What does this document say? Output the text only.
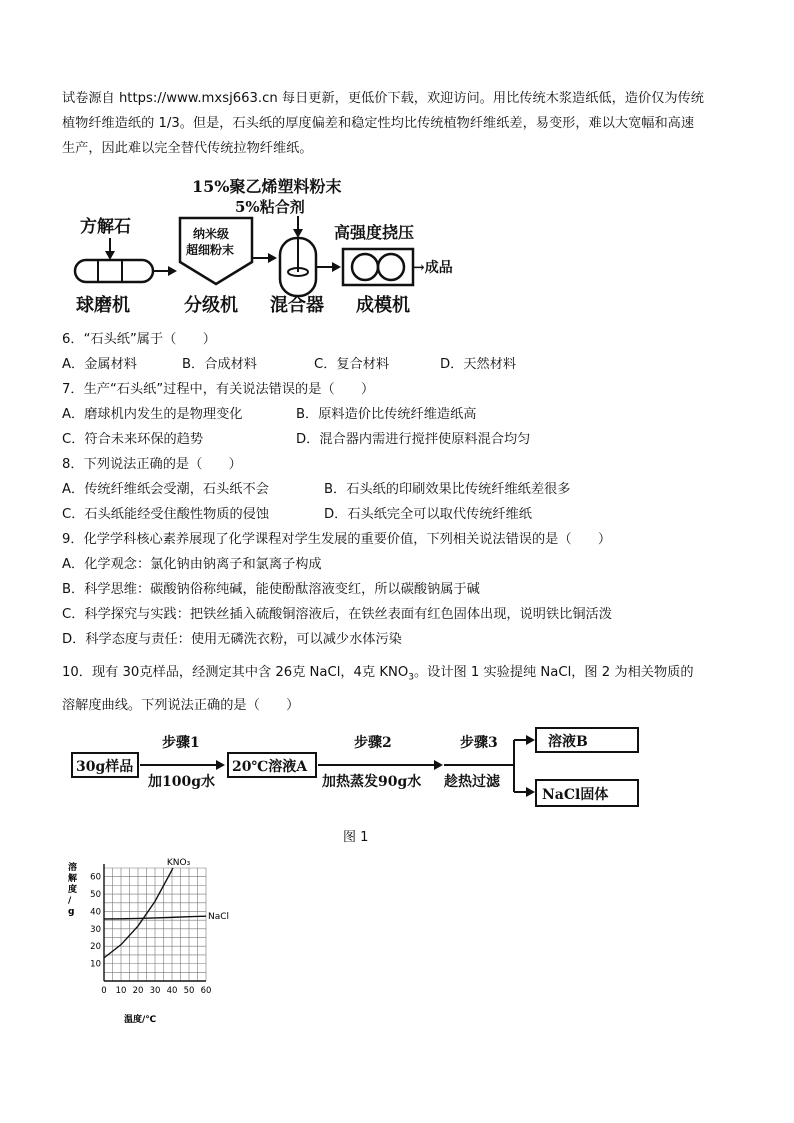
试卷源自 https://www.mxsj663.cn 每日更新，更低价下载，欢迎访问。用比传统木浆造纸低，造价仅为传统
植物纤维造纸的 1/3。但是，石头纸的厚度偏差和稳定性均比传统植物纤维纸差，易变形，难以大宽幅和高速
生产，因此难以完全替代传统拉物纤维纸。
15%聚乙烯塑料粉末
5%粘合剂
方解石	纳米级
超细粉末
高强度挠压
→成品
球磨机	分级机 混合器 成模机
6．“石头纸”属于（　　）
A．金属材料	B．合成材料	C．复合材料	D．天然材料
7．生产“石头纸”过程中，有关说法错误的是（　　）
A．磨球机内发生的是物理变化	B．原料造价比传统纤维造纸高
C．符合未来环保的趋势	D．混合器内需进行搅拌使原料混合均匀
8．下列说法正确的是（　　）
A．传统纤维纸会受潮，石头纸不会	B．石头纸的印刷效果比传统纤维纸差很多
C．石头纸能经受住酸性物质的侵蚀	D．石头纸完全可以取代传统纤维纸
9．化学学科核心素养展现了化学课程对学生发展的重要价值，下列相关说法错误的是（　　）
A．化学观念：氯化钠由钠离子和氯离子构成
B．科学思维：碳酸钠俗称纯碱，能使酚酞溶液变红，所以碳酸钠属于碱
C．科学探究与实践：把铁丝插入硫酸铜溶液后，在铁丝表面有红色固体出现，说明铁比铜活泼
D．科学态度与责任：使用无磷洗衣粉，可以减少水体污染
10．现有 30克样品，经测定其中含 26克 NaCl，4克 $KNO_3$。设计图 1 实验提纯 NaCl，图 2 为相关物质的
溶解度曲线。下列说法正确的是（　　）
30g样品
步骤1
加100g水
20℃溶液A
步骤2
加热蒸发90g水
步骤3
趁热过滤
溶液B
NaCl固体
图 1
溶
解
度
/
g
10
20
30
40
50
60
0 10 20 30 40 50 60
KNO₃
NaCl
温度/℃
